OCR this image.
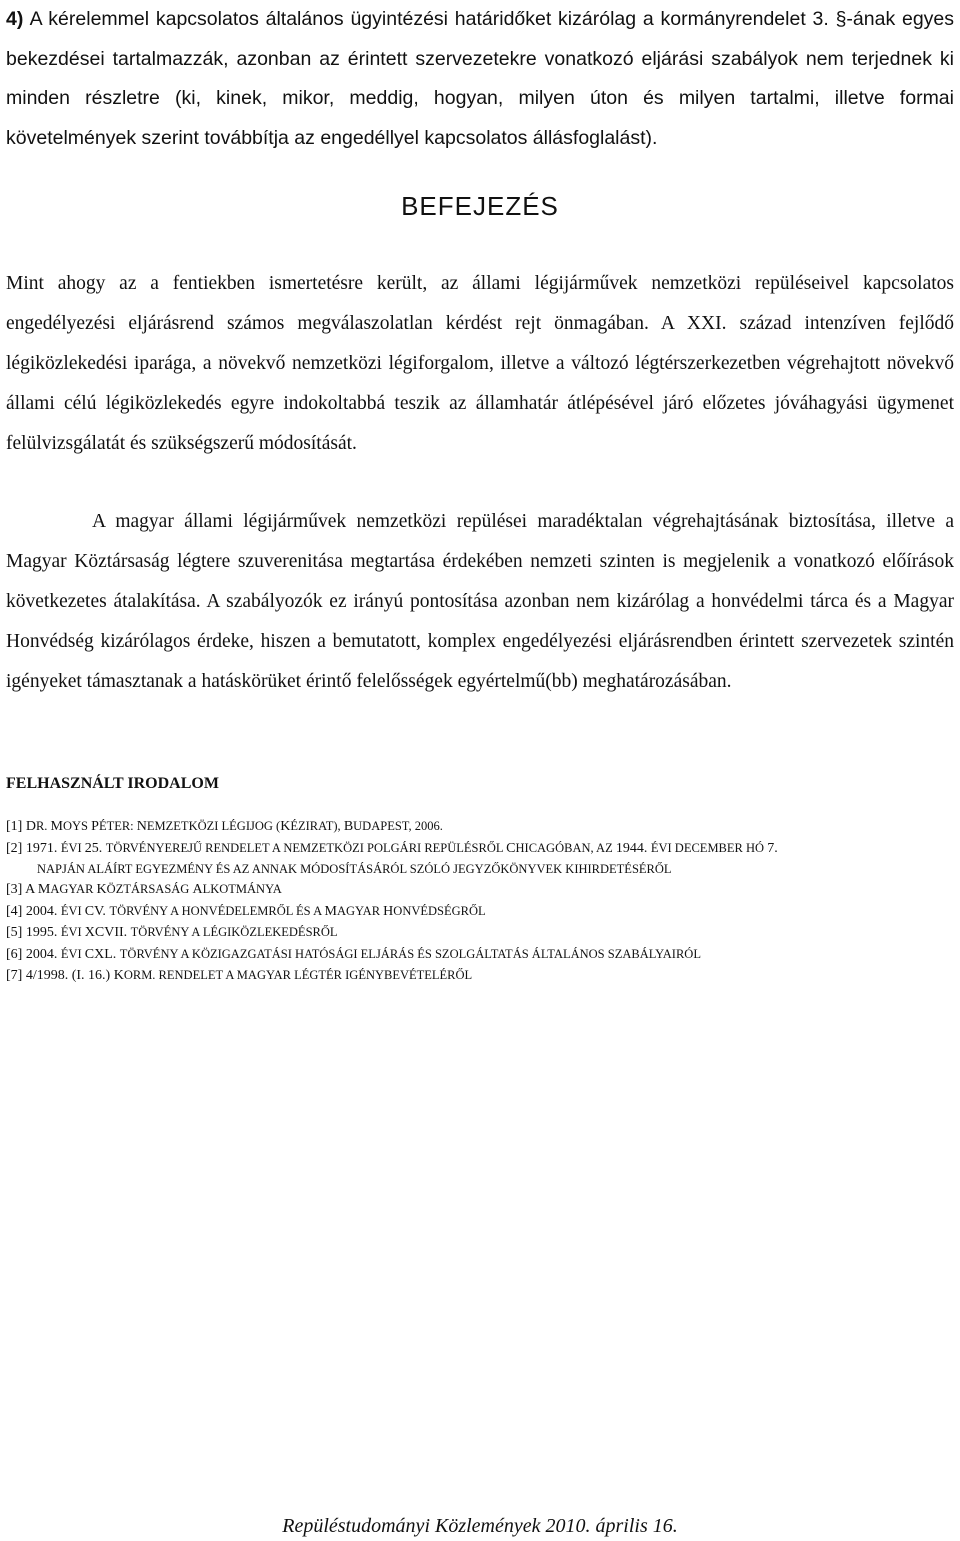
4) A kérelemmel kapcsolatos általános ügyintézési határidőket kizárólag a kormányrendelet 3. §-ának egyes bekezdései tartalmazzák, azonban az érintett szervezetekre vonatkozó eljárási szabályok nem terjednek ki minden részletre (ki, kinek, mikor, meddig, hogyan, milyen úton és milyen tartalmi, illetve formai követelmények szerint továbbítja az engedéllyel kapcsolatos állásfoglalást).

BEFEJEZÉS

Mint ahogy az a fentiekben ismertetésre került, az állami légijárművek nemzetközi repüléseivel kapcsolatos engedélyezési eljárásrend számos megválaszolatlan kérdést rejt önmagában. A XXI. század intenzíven fejlődő légiközlekedési iparága, a növekvő nemzetközi légiforgalom, illetve a változó légtérszerkezetben végrehajtott növekvő állami célú légiközlekedés egyre indokoltabbá teszik az államhatár átlépésével járó előzetes jóváhagyási ügymenet felülvizsgálatát és szükségszerű módosítását.

A magyar állami légijárművek nemzetközi repülései maradéktalan végrehajtásának biztosítása, illetve a Magyar Köztársaság légtere szuverenitása megtartása érdekében nemzeti szinten is megjelenik a vonatkozó előírások következetes átalakítása. A szabályozók ez irányú pontosítása azonban nem kizárólag a honvédelmi tárca és a Magyar Honvédség kizárólagos érdeke, hiszen a bemutatott, komplex engedélyezési eljárásrendben érintett szervezetek szintén igényeket támasztanak a hatáskörüket érintő felelősségek egyértelmű(bb) meghatározásában.

FELHASZNÁLT IRODALOM
[1] DR. MOYS PÉTER: NEMZETKÖZI LÉGIJOG (KÉZIRAT), BUDAPEST, 2006.
[2] 1971. ÉVI 25. TÖRVÉNYEREJŰ RENDELET A NEMZETKÖZI POLGÁRI REPÜLÉSRŐL CHICAGÓBAN, AZ 1944. ÉVI DECEMBER HÓ 7.
NAPJÁN ALÁÍRT EGYEZMÉNY ÉS AZ ANNAK MÓDOSÍTÁSÁRÓL SZÓLÓ JEGYZŐKÖNYVEK KIHIRDETÉSÉRŐL
[3] A MAGYAR KÖZTÁRSASÁG ALKOTMÁNYA
[4] 2004. ÉVI CV. TÖRVÉNY A HONVÉDELEMRŐL ÉS A MAGYAR HONVÉDSÉGRŐL
[5] 1995. ÉVI XCVII. TÖRVÉNY A LÉGIKÖZLEKEDÉSRŐL
[6] 2004. ÉVI CXL. TÖRVÉNY A KÖZIGAZGATÁSI HATÓSÁGI ELJÁRÁS ÉS SZOLGÁLTATÁS ÁLTALÁNOS SZABÁLYAIRÓL
[7] 4/1998. (I. 16.) KORM. RENDELET A MAGYAR LÉGTÉR IGÉNYBEVÉTELÉRŐL
Repüléstudományi Közlemények 2010. április 16.
